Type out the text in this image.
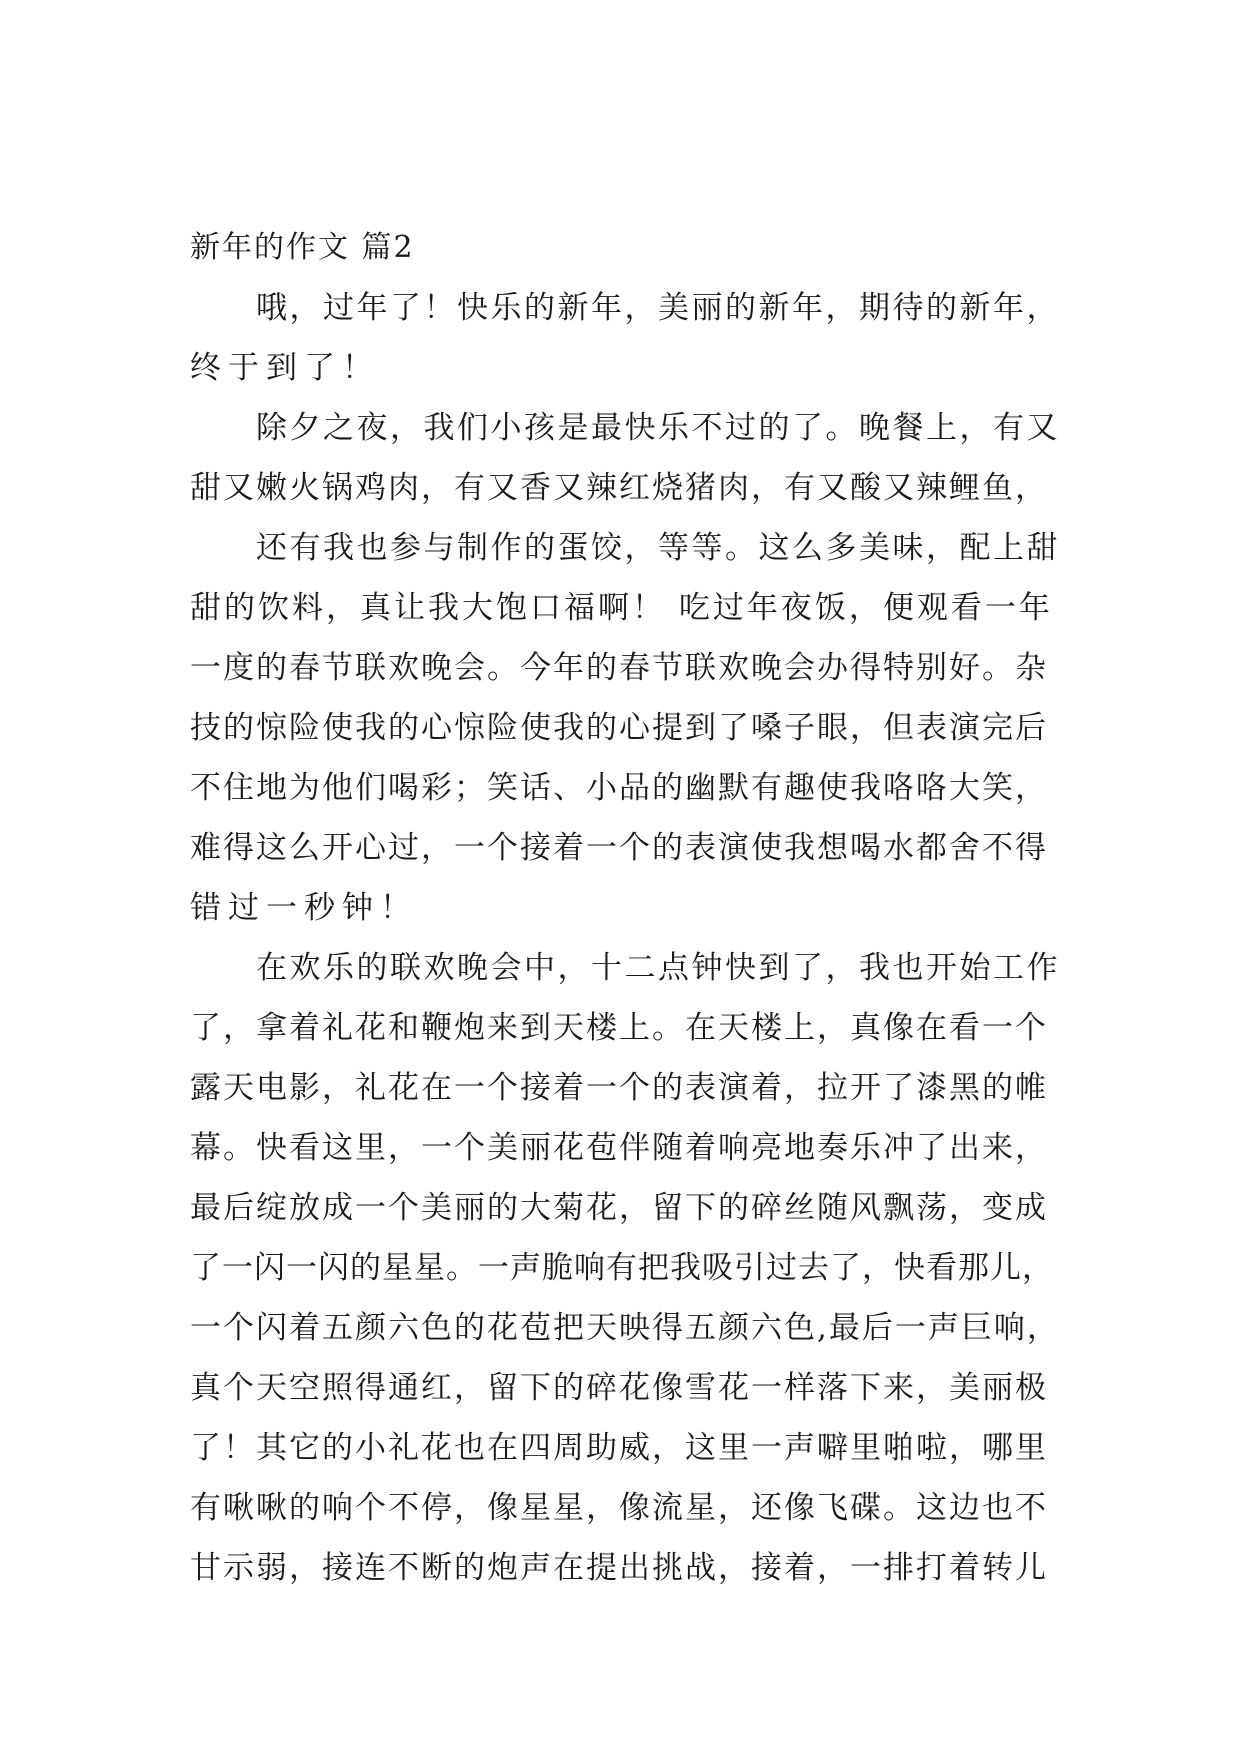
新年的作文 篇2
哦，过年了！快乐的新年，美丽的新年，期待的新年，
终于到了！
除夕之夜，我们小孩是最快乐不过的了。晚餐上，有又
甜又嫩火锅鸡肉，有又香又辣红烧猪肉，有又酸又辣鲤鱼，
还有我也参与制作的蛋饺，等等。这么多美味，配上甜
甜的饮料，真让我大饱口福啊！ 吃过年夜饭，便观看一年
一度的春节联欢晚会。今年的春节联欢晚会办得特别好。杂
技的惊险使我的心惊险使我的心提到了嗓子眼，但表演完后
不住地为他们喝彩；笑话、小品的幽默有趣使我咯咯大笑，
难得这么开心过，一个接着一个的表演使我想喝水都舍不得
错过一秒钟！
在欢乐的联欢晚会中，十二点钟快到了，我也开始工作
了，拿着礼花和鞭炮来到天楼上。在天楼上，真像在看一个
露天电影，礼花在一个接着一个的表演着，拉开了漆黑的帷
幕。快看这里，一个美丽花苞伴随着响亮地奏乐冲了出来，
最后绽放成一个美丽的大菊花，留下的碎丝随风飘荡，变成
了一闪一闪的星星。一声脆响有把我吸引过去了，快看那儿，
一个闪着五颜六色的花苞把天映得五颜六色,最后一声巨响，
真个天空照得通红，留下的碎花像雪花一样落下来，美丽极
了！其它的小礼花也在四周助威，这里一声噼里啪啦，哪里
有啾啾的响个不停，像星星，像流星，还像飞碟。这边也不
甘示弱，接连不断的炮声在提出挑战，接着，一排打着转儿
